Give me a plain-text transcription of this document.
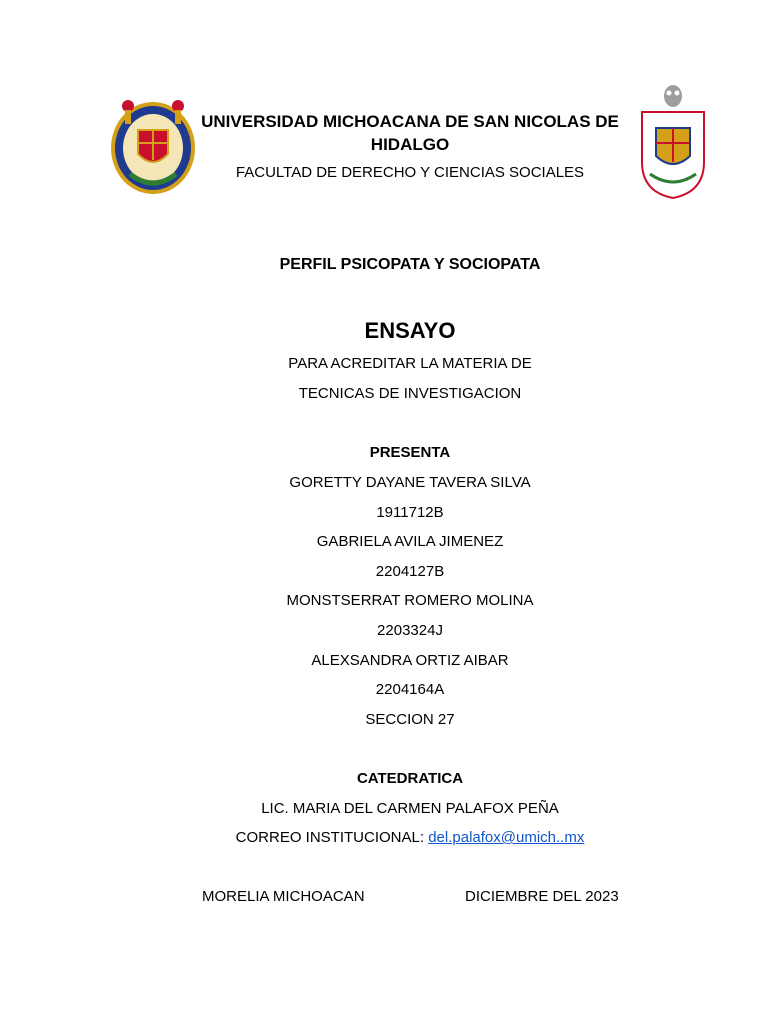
UNIVERSIDAD MICHOACANA DE SAN NICOLAS DE HIDALGO
FACULTAD DE DERECHO Y CIENCIAS SOCIALES
PERFIL PSICOPATA Y SOCIOPATA
ENSAYO
PARA ACREDITAR LA MATERIA DE
TECNICAS DE INVESTIGACION
PRESENTA
GORETTY DAYANE TAVERA SILVA
1911712B
GABRIELA AVILA JIMENEZ
2204127B
MONSTSERRAT ROMERO MOLINA
2203324J
ALEXSANDRA ORTIZ AIBAR
2204164A
SECCION 27
CATEDRATICA
LIC. MARIA DEL CARMEN PALAFOX PEÑA
CORREO INSTITUCIONAL: del.palafox@umich..mx
MORELIA MICHOACAN	DICIEMBRE DEL 2023
